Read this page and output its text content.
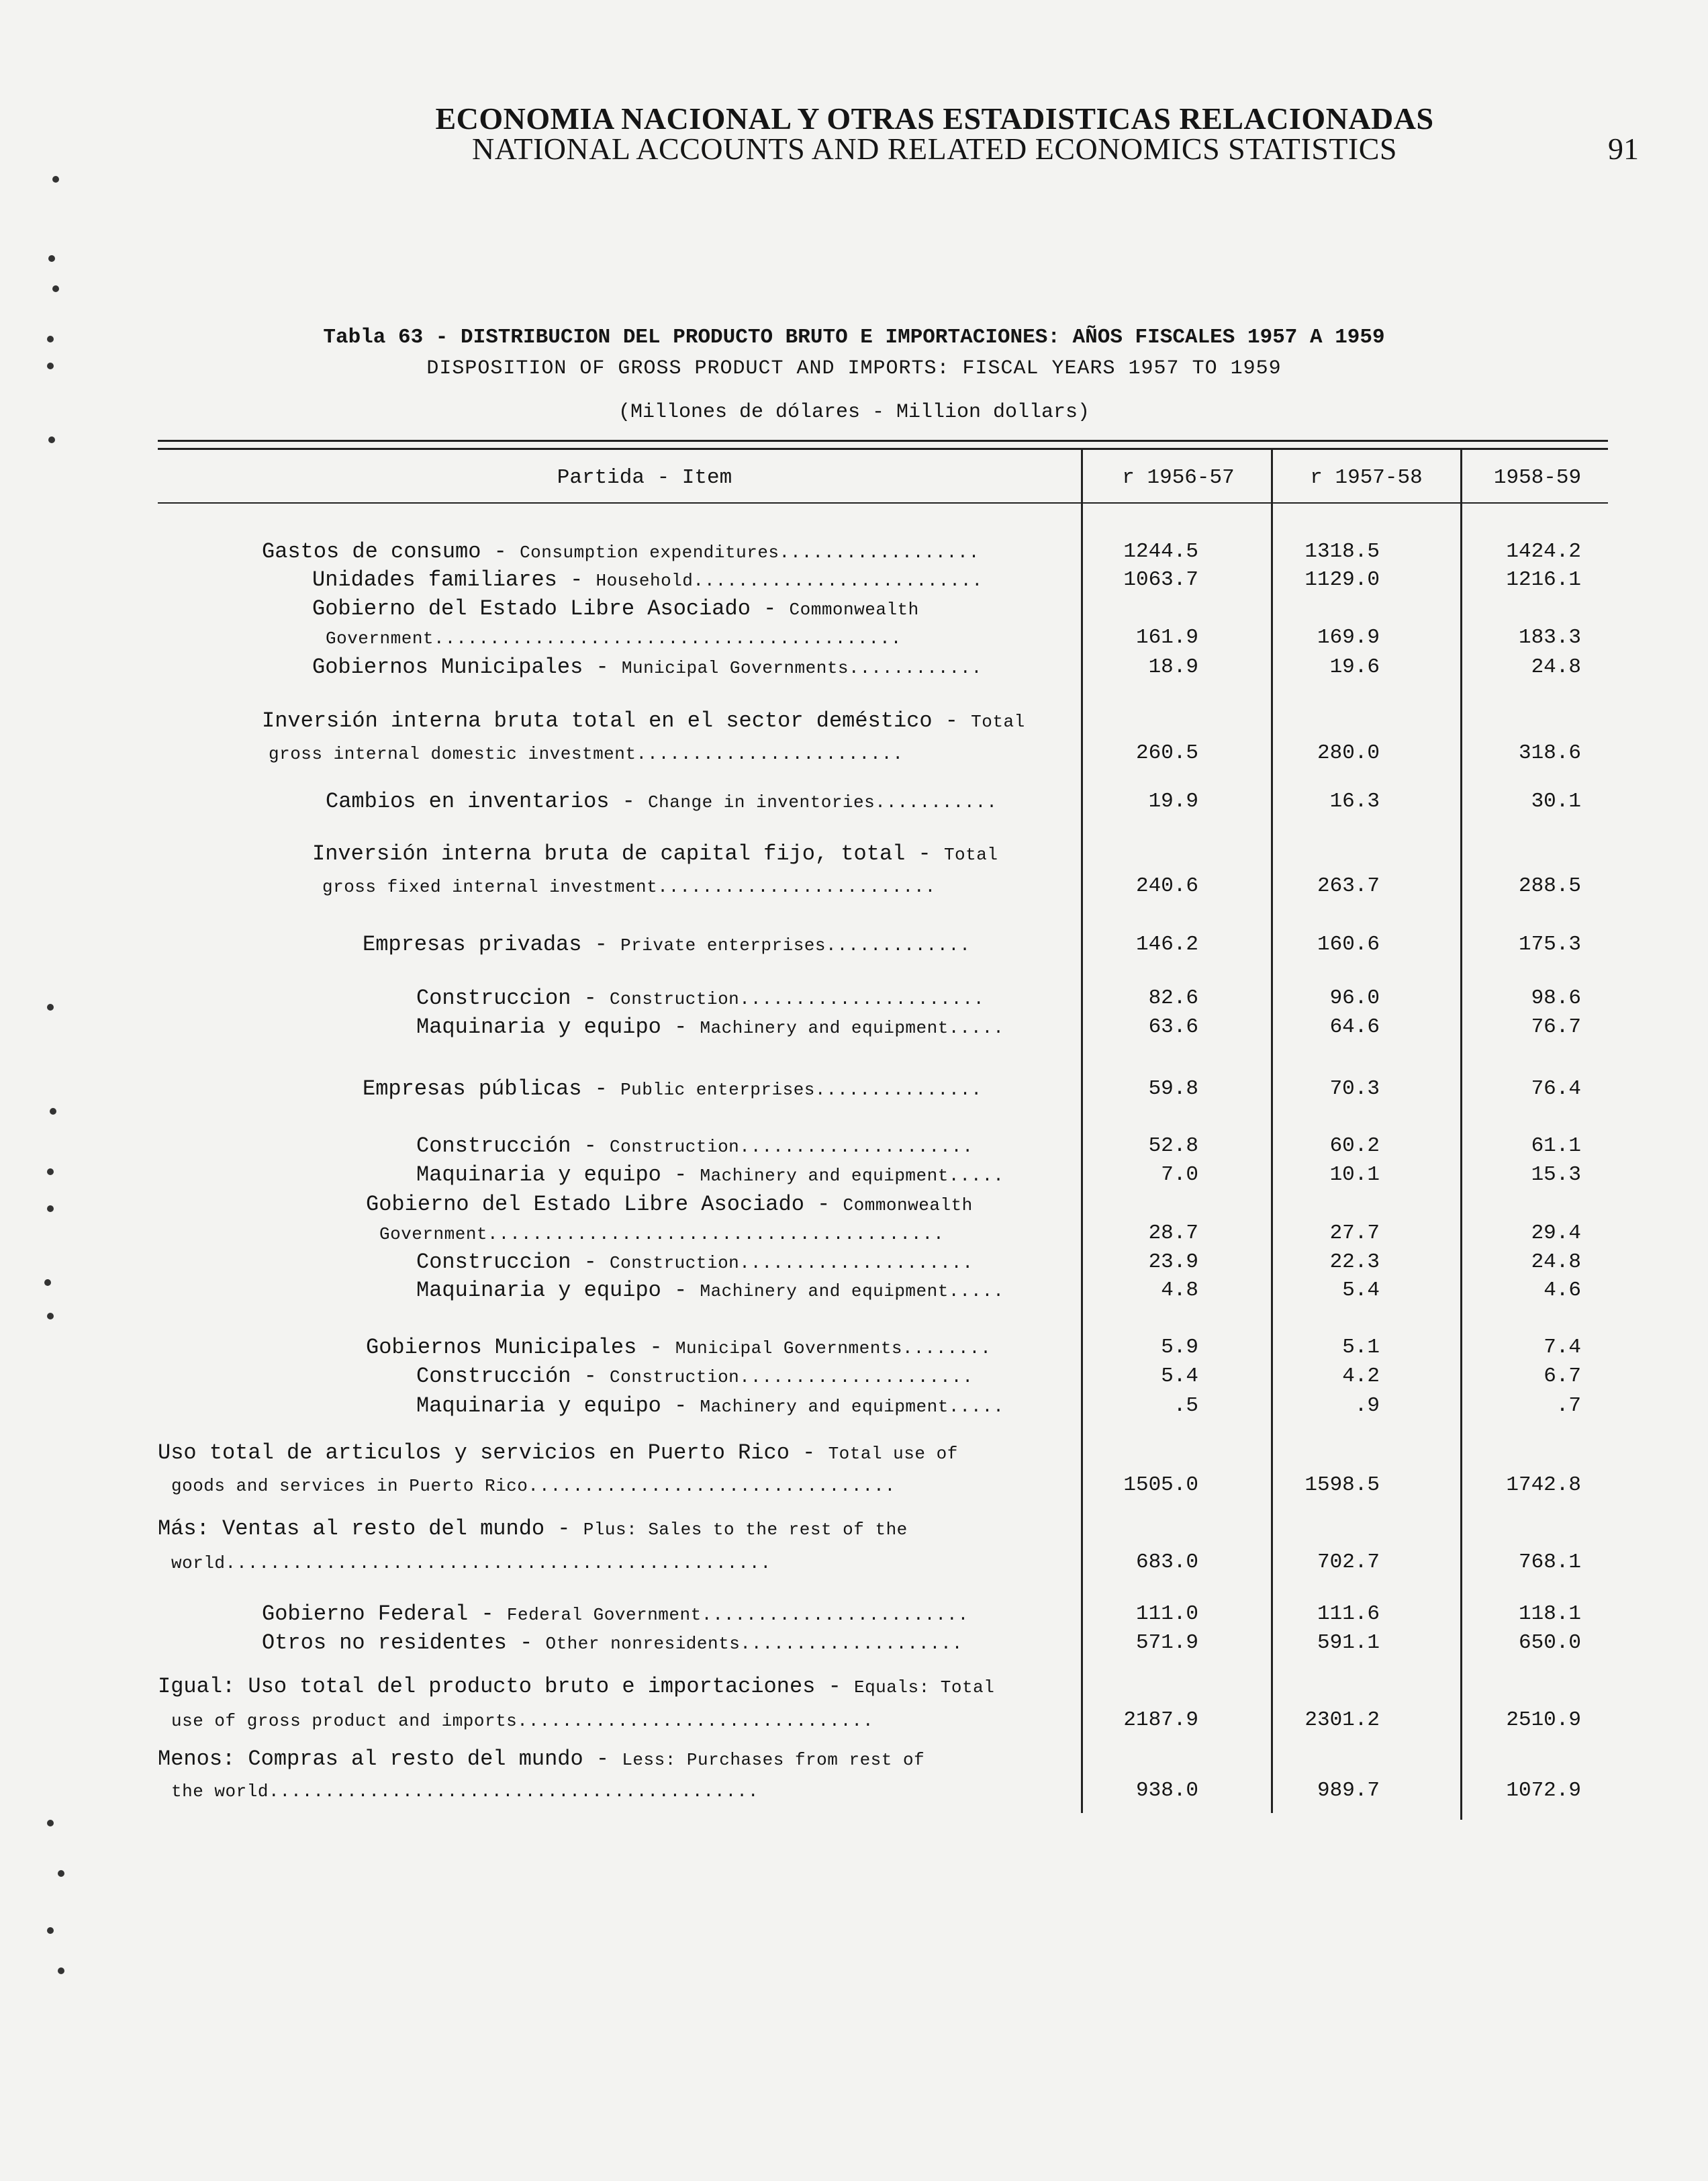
ECONOMIA NACIONAL Y OTRAS ESTADISTICAS RELACIONADAS
NATIONAL ACCOUNTS AND RELATED ECONOMICS STATISTICS	91
Tabla 63 - DISTRIBUCION DEL PRODUCTO BRUTO E IMPORTACIONES: AÑOS FISCALES 1957 A 1959
DISPOSITION OF GROSS PRODUCT AND IMPORTS: FISCAL YEARS 1957 TO 1959
(Millones de dólares - Million dollars)
Partida - Item	r 1956-57	r 1957-58	1958-59
Gastos de consumo - Consumption expenditures..................	1244.5	1318.5	1424.2
Unidades familiares - Household..........................	1063.7	1129.0	1216.1
Gobierno del Estado Libre Asociado - Commonwealth
Government..........................................	161.9	169.9	183.3
Gobiernos Municipales - Municipal Governments............	18.9	19.6	24.8
Inversión interna bruta total en el sector deméstico - Total
gross internal domestic investment........................	260.5	280.0	318.6
Cambios en inventarios - Change in inventories...........	19.9	16.3	30.1
Inversión interna bruta de capital fijo, total - Total
gross fixed internal investment.........................	240.6	263.7	288.5
Empresas privadas - Private enterprises.............	146.2	160.6	175.3
Construccion - Construction......................	82.6	96.0	98.6
Maquinaria y equipo - Machinery and equipment.....	63.6	64.6	76.7
Empresas públicas - Public enterprises...............	59.8	70.3	76.4
Construcción - Construction.....................	52.8	60.2	61.1
Maquinaria y equipo - Machinery and equipment.....	7.0	10.1	15.3
Gobierno del Estado Libre Asociado - Commonwealth
Government.........................................	28.7	27.7	29.4
Construccion - Construction.....................	23.9	22.3	24.8
Maquinaria y equipo - Machinery and equipment.....	4.8	5.4	4.6
Gobiernos Municipales - Municipal Governments........	5.9	5.1	7.4
Construcción - Construction.....................	5.4	4.2	6.7
Maquinaria y equipo - Machinery and equipment.....	.5	.9	.7
Uso total de articulos y servicios en Puerto Rico - Total use of
goods and services in Puerto Rico.................................	1505.0	1598.5	1742.8
Más: Ventas al resto del mundo - Plus: Sales to the rest of the
world.................................................	683.0	702.7	768.1
Gobierno Federal - Federal Government........................	111.0	111.6	118.1
Otros no residentes - Other nonresidents....................	571.9	591.1	650.0
Igual: Uso total del producto bruto e importaciones - Equals: Total
use of gross product and imports................................	2187.9	2301.2	2510.9
Menos: Compras al resto del mundo - Less: Purchases from rest of
the world............................................	938.0	989.7	1072.9
